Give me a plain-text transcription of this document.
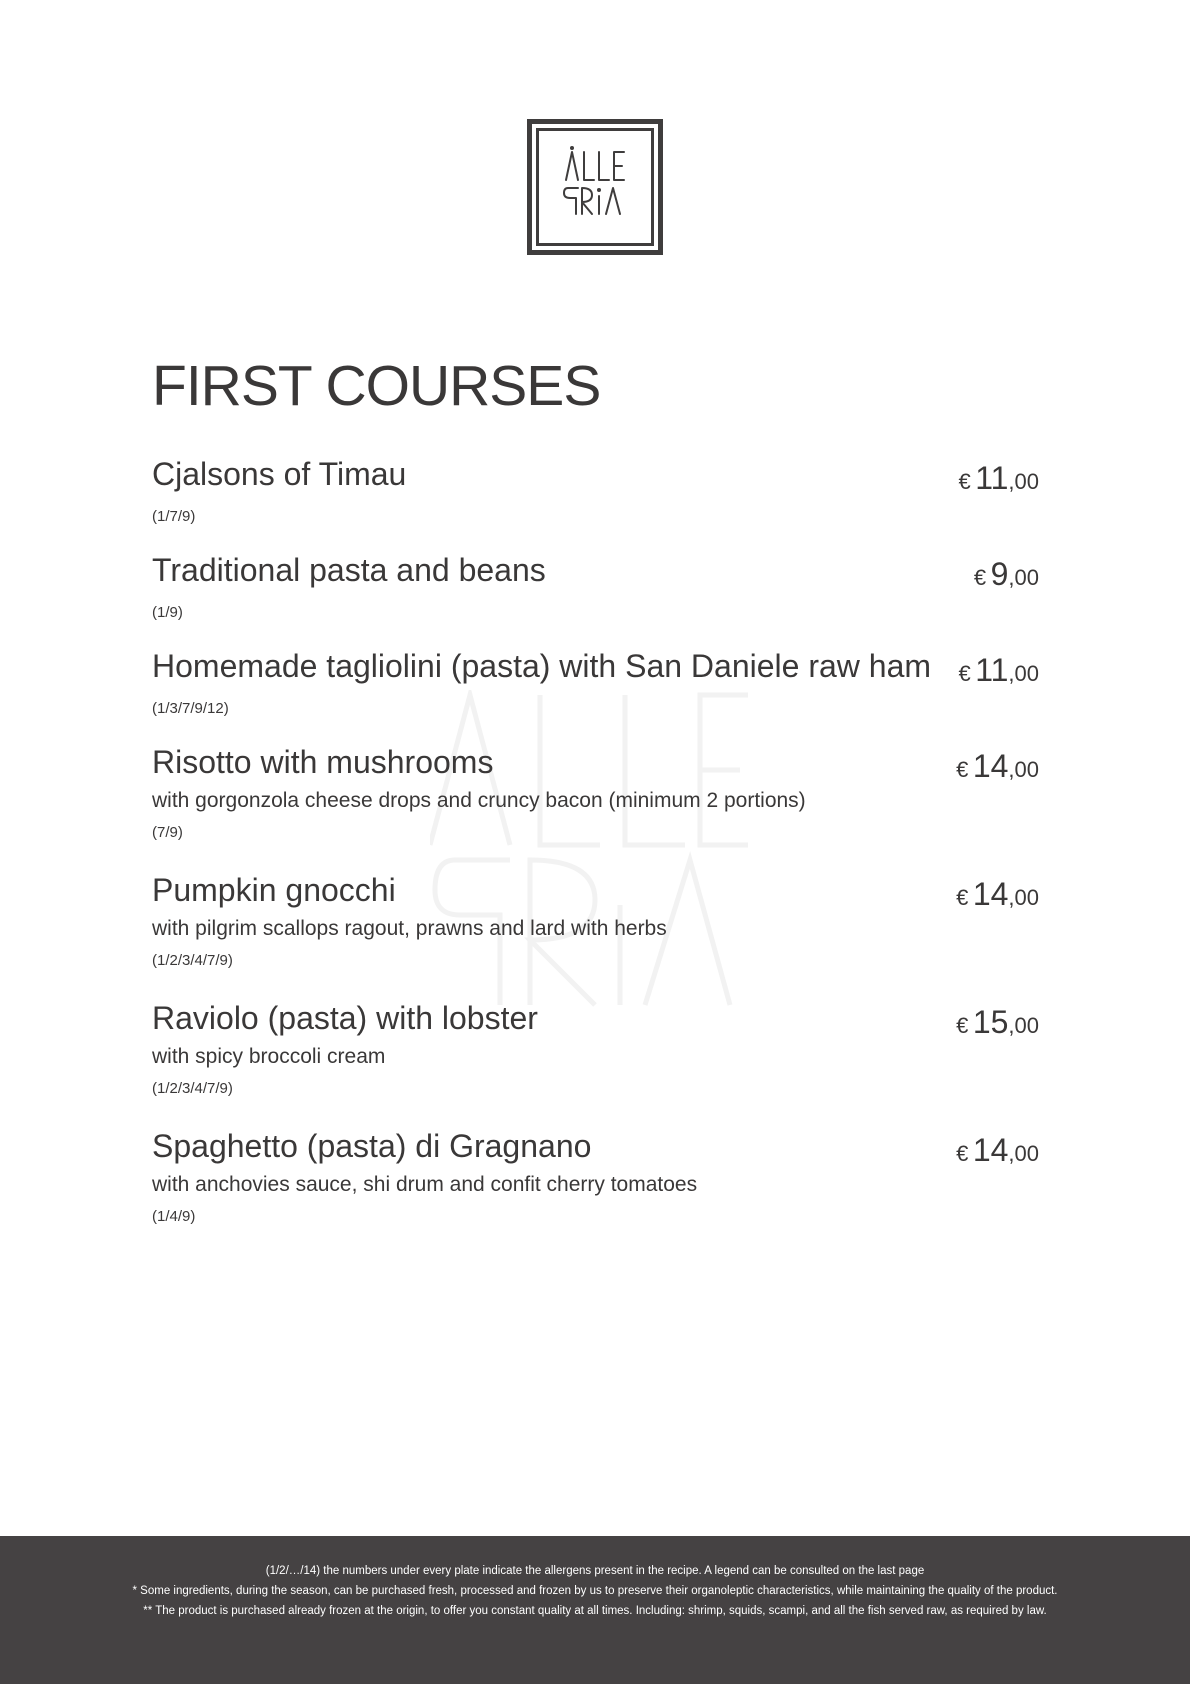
FIRST COURSES
Cjalsons of Timau
(1/7/9)
€ 11,00
Traditional pasta and beans
(1/9)
€ 9,00
Homemade tagliolini (pasta) with San Daniele raw ham
(1/3/7/9/12)
€ 11,00
Risotto with mushrooms
with gorgonzola cheese drops and cruncy bacon (minimum 2 portions)
(7/9)
€ 14,00
Pumpkin gnocchi
with pilgrim scallops ragout, prawns and lard with herbs
(1/2/3/4/7/9)
€ 14,00
Raviolo (pasta) with lobster
with spicy broccoli cream
(1/2/3/4/7/9)
€ 15,00
Spaghetto (pasta) di Gragnano
with anchovies sauce, shi drum and confit cherry tomatoes
(1/4/9)
€ 14,00

(1/2/…/14) the numbers under every plate indicate the allergens present in the recipe. A legend can be consulted on the last page

* Some ingredients, during the season, can be purchased fresh, processed and frozen by us to preserve their organoleptic characteristics, while maintaining the quality of the product.

** The product is purchased already frozen at the origin, to offer you constant quality at all times. Including: shrimp, squids, scampi, and all the fish served raw, as required by law.
